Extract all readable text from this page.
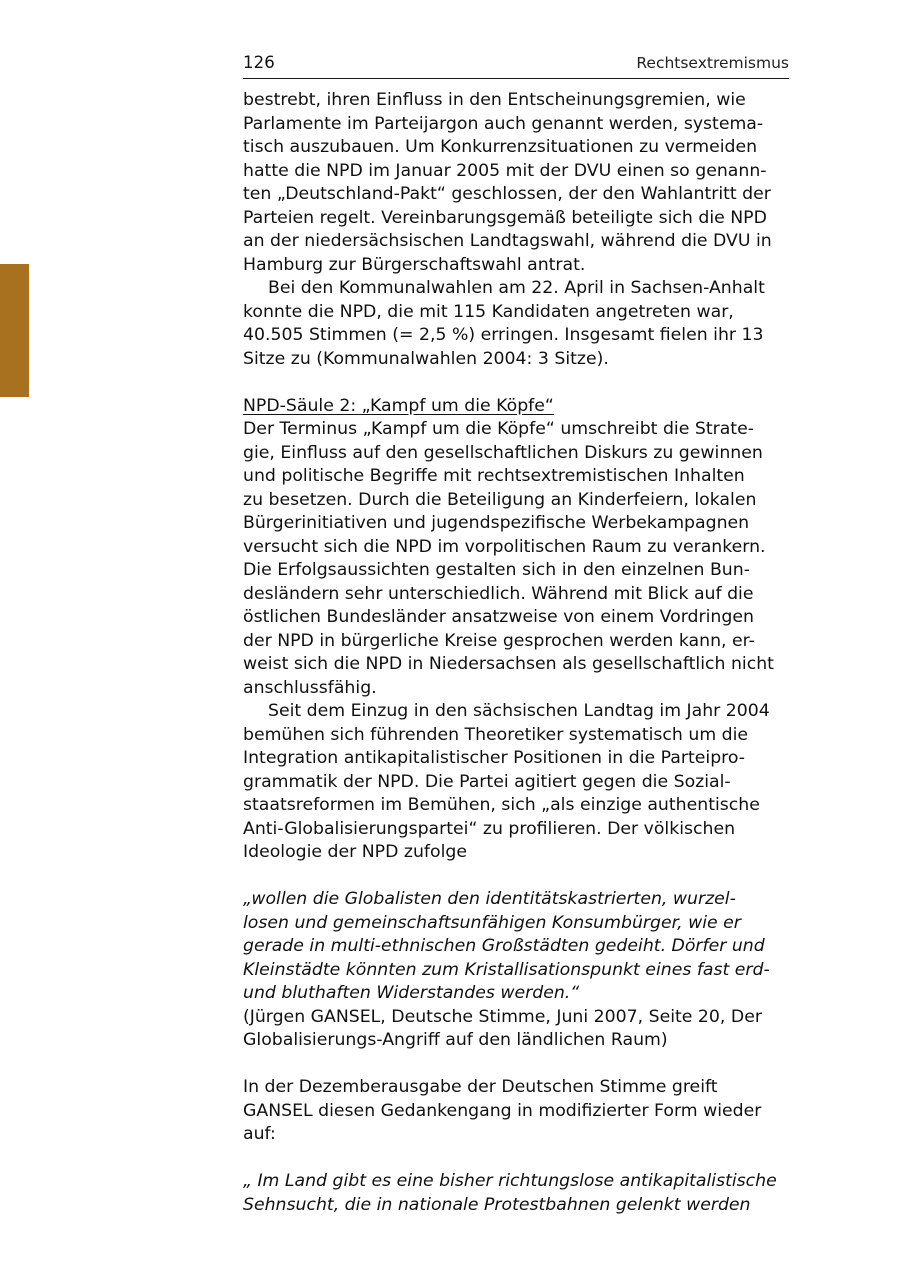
126	Rechtsextremismus
bestrebt, ihren Einfluss in den Entscheinungsgremien, wie
Parlamente im Parteijargon auch genannt werden, systema-
tisch auszubauen. Um Konkurrenzsituationen zu vermeiden
hatte die NPD im Januar 2005 mit der DVU einen so genann-
ten „Deutschland-Pakt“ geschlossen, der den Wahlantritt der
Parteien regelt. Vereinbarungsgemäß beteiligte sich die NPD
an der niedersächsischen Landtagswahl, während die DVU in
Hamburg zur Bürgerschaftswahl antrat.
Bei den Kommunalwahlen am 22. April in Sachsen-Anhalt
konnte die NPD, die mit 115 Kandidaten angetreten war,
40.505 Stimmen (= 2,5 %) erringen. Insgesamt fielen ihr 13
Sitze zu (Kommunalwahlen 2004: 3 Sitze).
NPD-Säule 2: „Kampf um die Köpfe“
Der Terminus „Kampf um die Köpfe“ umschreibt die Strate-
gie, Einfluss auf den gesellschaftlichen Diskurs zu gewinnen
und politische Begriffe mit rechtsextremistischen Inhalten
zu besetzen. Durch die Beteiligung an Kinderfeiern, lokalen
Bürgerinitiativen und jugendspezifische Werbekampagnen
versucht sich die NPD im vorpolitischen Raum zu verankern.
Die Erfolgsaussichten gestalten sich in den einzelnen Bun-
desländern sehr unterschiedlich. Während mit Blick auf die
östlichen Bundesländer ansatzweise von einem Vordringen
der NPD in bürgerliche Kreise gesprochen werden kann, er-
weist sich die NPD in Niedersachsen als gesellschaftlich nicht
anschlussfähig.
Seit dem Einzug in den sächsischen Landtag im Jahr 2004
bemühen sich führenden Theoretiker systematisch um die
Integration antikapitalistischer Positionen in die Parteipro-
grammatik der NPD. Die Partei agitiert gegen die Sozial-
staatsreformen im Bemühen, sich „als einzige authentische
Anti-Globalisierungspartei“ zu profilieren. Der völkischen
Ideologie der NPD zufolge
„wollen die Globalisten den identitätskastrierten, wurzel-
losen und gemeinschaftsunfähigen Konsumbürger, wie er
gerade in multi-ethnischen Großstädten gedeiht. Dörfer und
Kleinstädte könnten zum Kristallisationspunkt eines fast erd-
und bluthaften Widerstandes werden.“
(Jürgen GANSEL, Deutsche Stimme, Juni 2007, Seite 20, Der
Globalisierungs-Angriff auf den ländlichen Raum)
In der Dezemberausgabe der Deutschen Stimme greift
GANSEL diesen Gedankengang in modifizierter Form wieder
auf:
„ Im Land gibt es eine bisher richtungslose antikapitalistische
Sehnsucht, die in nationale Protestbahnen gelenkt werden
